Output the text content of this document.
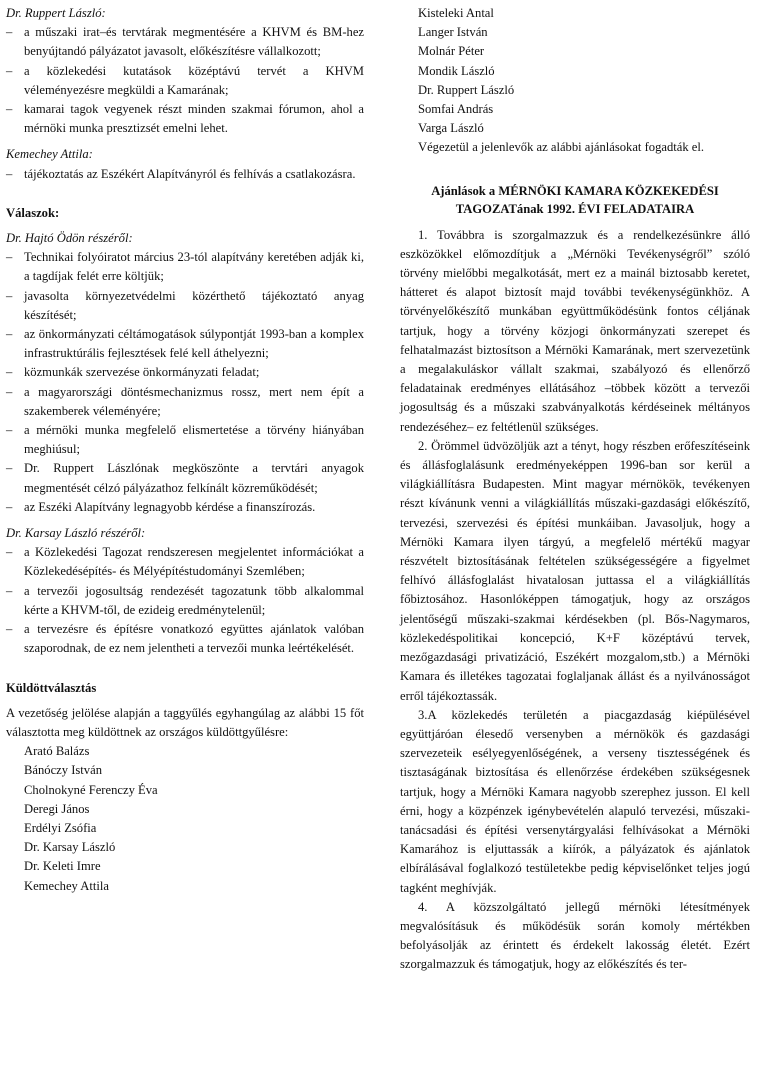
Dr. Ruppert László:

– a műszaki irat–és tervtárak megmentésére a KHVM és BM-hez benyújtandó pályázatot javasolt, előkészítésre vállalkozott;
– a közlekedési kutatások középtávú tervét a KHVM véleményezésre megküldi a Kamarának;
– kamarai tagok vegyenek részt minden szakmai fórumon, ahol a mérnöki munka presztizsét emelni lehet.

Kemechey Attila:

– tájékoztatás az Eszékért Alapítványról és felhívás a csatlakozásra.

Válaszok:

Dr. Hajtó Ödön részéről:

– Technikai folyóiratot március 23-tól alapítvány keretében adják ki, a tagdíjak felét erre költjük;
– javasolta környezetvédelmi közérthető tájékoztató anyag készítését;
– az önkormányzati céltámogatások súlypontját 1993-ban a komplex infrastruktúrális fejlesztések felé kell áthelyezni;
– közmunkák szervezése önkormányzati feladat;
– a magyarországi döntésmechanizmus rossz, mert nem épít a szakemberek véleményére;
– a mérnöki munka megfelelő elismertetése a törvény hiányában meghiúsul;
– Dr. Ruppert Lászlónak megköszönte a tervtári anyagok megmentését célzó pályázathoz felkínált közreműködését;
– az Eszéki Alapítvány legnagyobb kérdése a finanszírozás.

Dr. Karsay László részéről:

– a Közlekedési Tagozat rendszeresen megjelentet információkat a Közlekedésépítés- és Mélyépítéstudományi Szemlében;
– a tervezői jogosultság rendezését tagozatunk több alkalommal kérte a KHVM-től, de ezideig eredménytelenül;
– a tervezésre és építésre vonatkozó együttes ajánlatok valóban szaporodnak, de ez nem jelentheti a tervezői munka leértékelését.

Küldöttválasztás

A vezetőség jelölése alapján a taggyűlés egyhangúlag az alábbi 15 főt választotta meg küldöttnek az országos küldöttgyűlésre:

Arató Balázs
Bánóczy István
Cholnokyné Ferenczy Éva
Deregi János
Erdélyi Zsófia
Dr. Karsay László
Dr. Keleti Imre
Kemechey Attila
Kisteleki Antal
Langer István
Molnár Péter
Mondik László
Dr. Ruppert László
Somfai András
Varga László

Végezetül a jelenlevők az alábbi ajánlásokat fogadták el.

Ajánlások a MÉRNÖKI KAMARA KÖZKEKEDÉSI
TAGOZATának 1992. ÉVI FELADATAIRA

1. Továbbra is szorgalmazzuk és a rendelkezésünkre álló eszközökkel előmozdítjuk a „Mérnöki Tevékenységről” szóló törvény mielőbbi megalkotását, mert ez a mainál biztosabb keretet, hátteret és alapot biztosít majd további tevékenységünkhöz. A törvényelőkészítő munkában együttműködésünk fontos céljának tartjuk, hogy a törvény közjogi önkormányzati szerepet és felhatalmazást biztosítson a Mérnöki Kamarának, mert szervezetünk a megalakuláskor vállalt szakmai, szabályozó és ellenőrző feladatainak eredményes ellátásához –többek között a tervezői jogosultság és a műszaki szabványalkotás kérdéseinek méltányos rendezéséhez– ez feltétlenül szükséges.

2. Örömmel üdvözöljük azt a tényt, hogy részben erőfeszítéseink és állásfoglalásunk eredményeképpen 1996-ban sor kerül a világkiállításra Budapesten. Mint magyar mérnökök, tevékenyen részt kívánunk venni a világkiállítás műszaki-gazdasági előkészítő, tervezési, szervezési és építési munkáiban. Javasoljuk, hogy a Mérnöki Kamara ilyen tárgyú, a megfelelő mértékű magyar részvételt biztosításának feltételen szükségességére a figyelmet felhívó állásfoglalást hivatalosan juttassa el a világkiállítás főbiztosához. Hasonlóképpen támogatjuk, hogy az országos jelentőségű műszaki-szakmai kérdésekben (pl. Bős-Nagymaros, közlekedéspolitikai koncepció, K+F középtávú tervek, mezőgazdasági privatizáció, Eszékért mozgalom,stb.) a Mérnöki Kamara és illetékes tagozatai foglaljanak állást és a nyilvánosságot erről tájékoztassák.

3.A közlekedés területén a piacgazdaság kiépülésével együttjáróan élesedő versenyben a mérnökök és gazdasági szervezeteik esélyegyenlőségének, a verseny tisztességének és tisztaságának biztosítása és ellenőrzése érdekében szükségesnek tartjuk, hogy a Mérnöki Kamara nagyobb szerephez jusson. El kell érni, hogy a közpénzek igénybevételén alapuló tervezési, műszaki-tanácsadási és építési versenytárgyalási felhívásokat a Mérnöki Kamarához is eljuttassák a kiírók, a pályázatok és ajánlatok elbírálásával foglalkozó testületekbe pedig képviselőnket teljes jogú tagként meghívják.

4. A közszolgáltató jellegű mérnöki létesítmények megvalósításuk és működésük során komoly mértékben befolyásolják az érintett és érdekelt lakosság életét. Ezért szorgalmazzuk és támogatjuk, hogy az előkészítés és ter-
